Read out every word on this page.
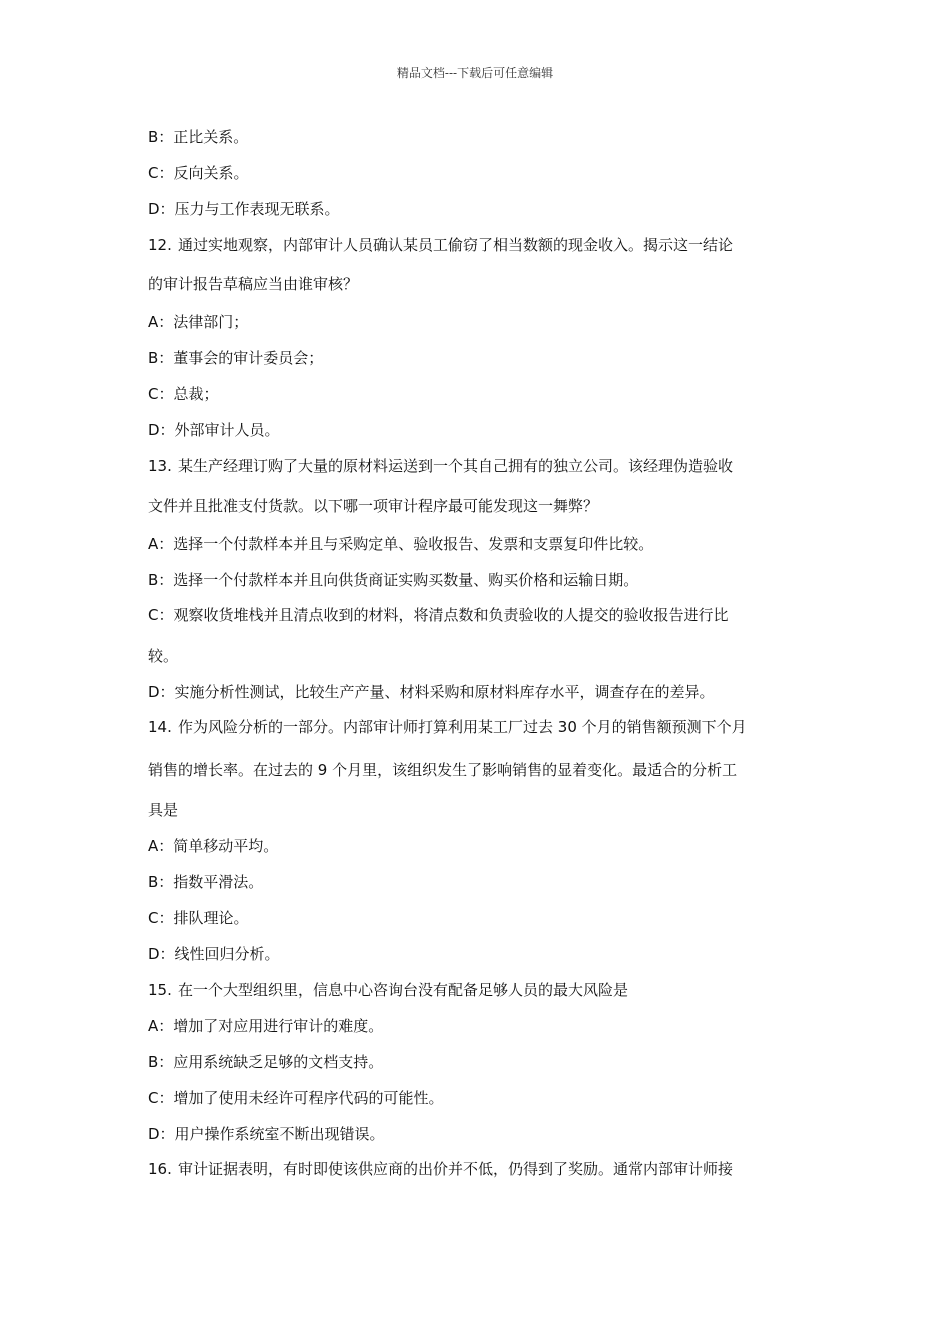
精品文档---下载后可任意编辑
B：正比关系。
C：反向关系。
D：压力与工作表现无联系。
12. 通过实地观察，内部审计人员确认某员工偷窃了相当数额的现金收入。揭示这一结论
的审计报告草稿应当由谁审核？
A：法律部门；
B：董事会的审计委员会；
C：总裁；
D：外部审计人员。
13. 某生产经理订购了大量的原材料运送到一个其自己拥有的独立公司。该经理伪造验收
文件并且批准支付货款。以下哪一项审计程序最可能发现这一舞弊？
A：选择一个付款样本并且与采购定单、验收报告、发票和支票复印件比较。
B：选择一个付款样本并且向供货商证实购买数量、购买价格和运输日期。
C：观察收货堆栈并且清点收到的材料，将清点数和负责验收的人提交的验收报告进行比
较。
D：实施分析性测试，比较生产产量、材料采购和原材料库存水平，调查存在的差异。
14. 作为风险分析的一部分。内部审计师打算利用某工厂过去 30 个月的销售额预测下个月
销售的增长率。在过去的 9 个月里，该组织发生了影响销售的显着变化。最适合的分析工
具是
A：简单移动平均。
B：指数平滑法。
C：排队理论。
D：线性回归分析。
15. 在一个大型组织里，信息中心咨询台没有配备足够人员的最大风险是
A：增加了对应用进行审计的难度。
B：应用系统缺乏足够的文档支持。
C：增加了使用未经许可程序代码的可能性。
D：用户操作系统室不断出现错误。
16. 审计证据表明，有时即使该供应商的出价并不低，仍得到了奖励。通常内部审计师接
